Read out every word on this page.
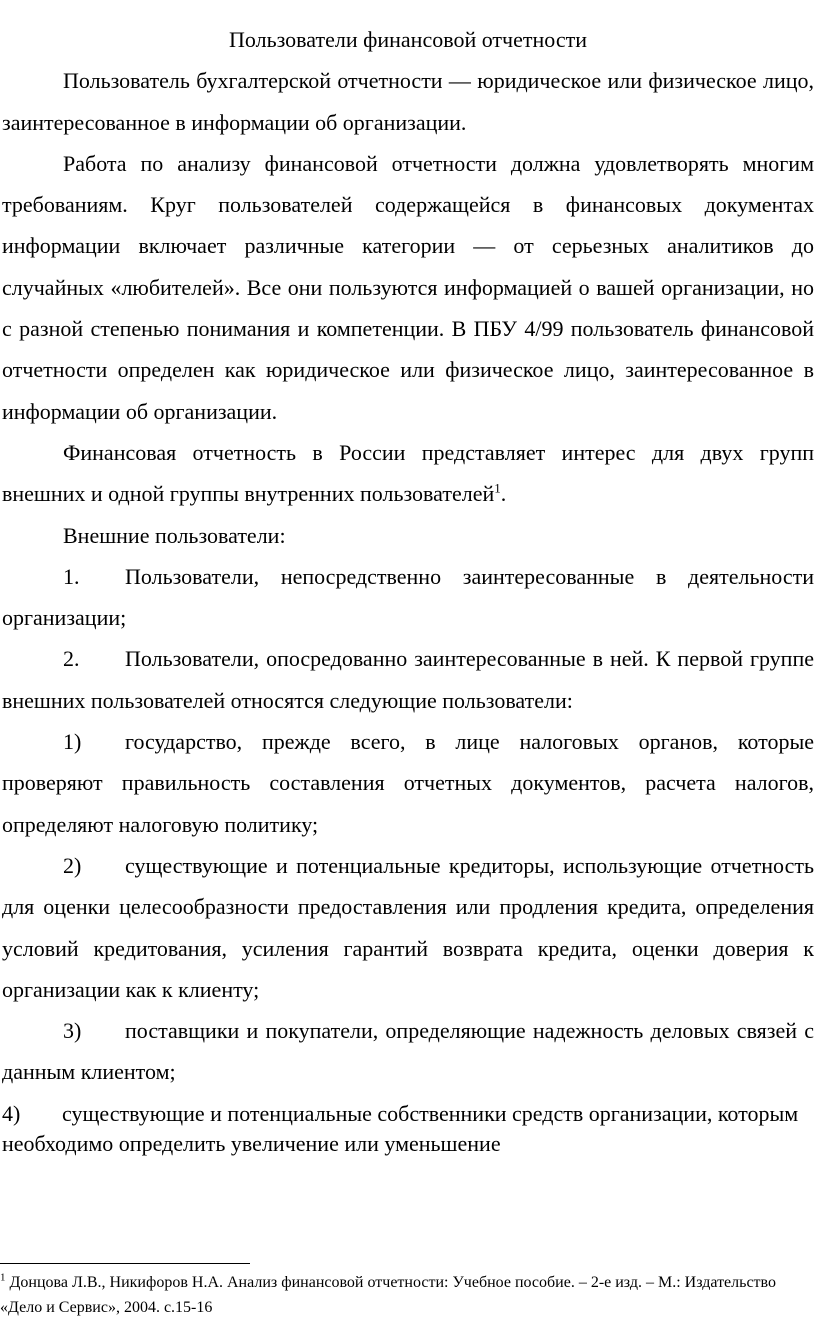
Пользователи финансовой отчетности

Пользователь бухгалтерской отчетности — юридическое или физическое лицо, заинтересованное в информации об организации.

Работа по анализу финансовой отчетности должна удовлетворять многим требованиям. Круг пользователей содержащейся в финансовых документах информации включает различные категории — от серьезных аналитиков до случайных «любителей». Все они пользуются информацией о вашей организации, но с разной степенью понимания и компетенции. В ПБУ 4/99 пользователь финансовой отчетности определен как юридическое или физическое лицо, заинтересованное в информации об организации.

Финансовая отчетность в России представляет интерес для двух групп внешних и одной группы внутренних пользователей$^1$.

Внешние пользователи:

1. Пользователи, непосредственно заинтересованные в деятельности организации;

2. Пользователи, опосредованно заинтересованные в ней. К первой группе внешних пользователей относятся следующие пользователи:

1) государство, прежде всего, в лице налоговых органов, которые проверяют правильность составления отчетных документов, расчета налогов, определяют налоговую политику;

2) существующие и потенциальные кредиторы, использующие отчетность для оценки целесообразности предоставления или продления кредита, определения условий кредитования, усиления гарантий возврата кредита, оценки доверия к организации как к клиенту;

3) поставщики и покупатели, определяющие надежность деловых связей с данным клиентом;

4) существующие и потенциальные собственники средств организации, которым необходимо определить увеличение или уменьшение

$^1$ Донцова Л.В., Никифоров Н.А. Анализ финансовой отчетности: Учебное пособие. – 2-е изд. – М.: Издательство «Дело и Сервис», 2004. с.15-16
